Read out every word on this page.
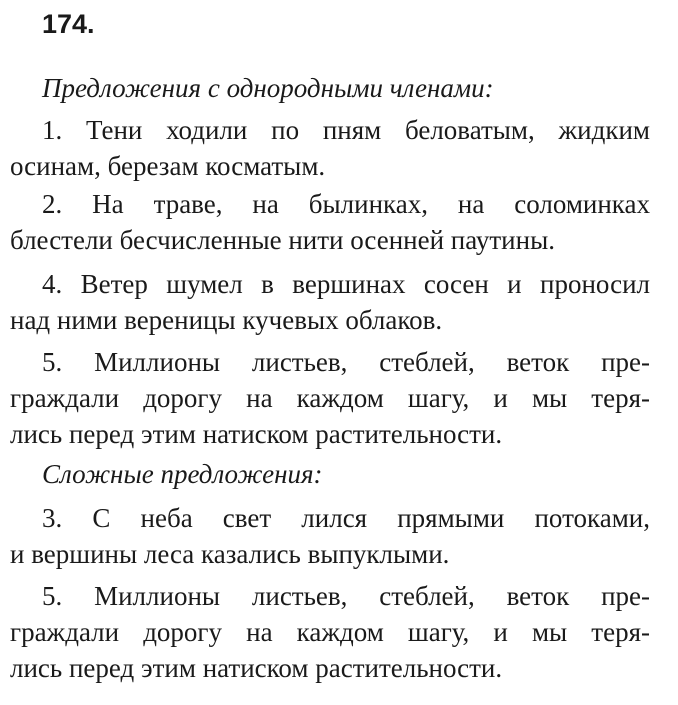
174.
Предложения с однородными членами:
1. Тени ходили по пням беловатым, жидким
осинам, березам косматым.
2. На траве, на былинках, на соломинках
блестели бесчисленные нити осенней паутины.
4. Ветер шумел в вершинах сосен и проносил
над ними вереницы кучевых облаков.
5. Миллионы листьев, стеблей, веток пре-
граждали дорогу на каждом шагу, и мы теря-
лись перед этим натиском растительности.
Сложные предложения:
3. С неба свет лился прямыми потоками,
и вершины леса казались выпуклыми.
5. Миллионы листьев, стеблей, веток пре-
граждали дорогу на каждом шагу, и мы теря-
лись перед этим натиском растительности.
